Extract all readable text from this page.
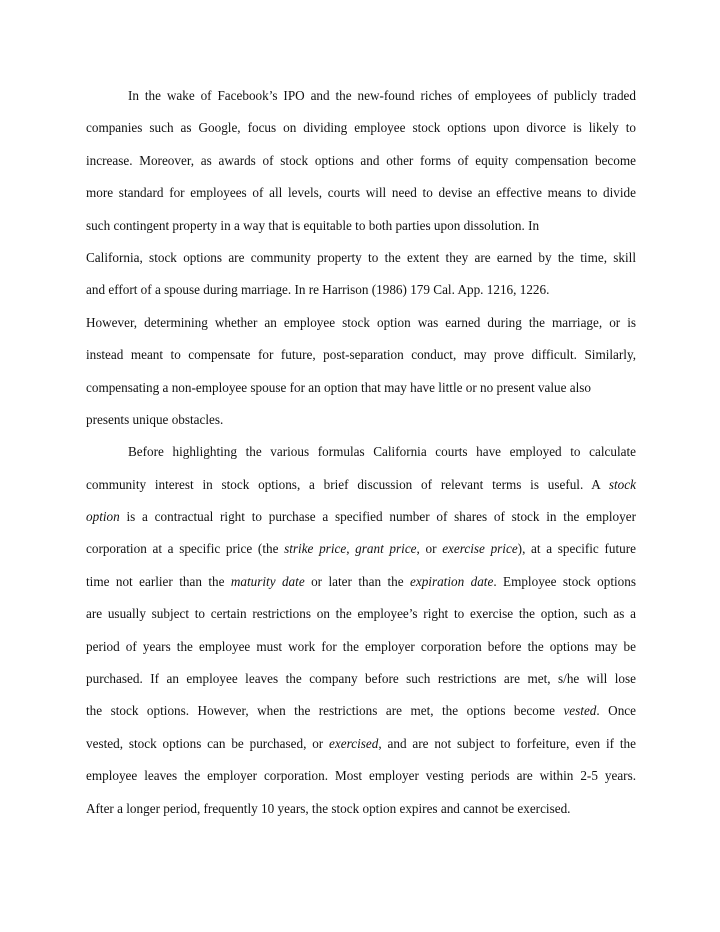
In the wake of Facebook’s IPO and the new-found riches of employees of publicly traded
companies such as Google, focus on dividing employee stock options upon divorce is likely to
increase. Moreover, as awards of stock options and other forms of equity compensation become
more standard for employees of all levels, courts will need to devise an effective means to divide
such contingent property in a way that is equitable to both parties upon dissolution. In
California, stock options are community property to the extent they are earned by the time, skill
and effort of a spouse during marriage. In re Harrison (1986) 179 Cal. App. 1216, 1226.
However, determining whether an employee stock option was earned during the marriage, or is
instead meant to compensate for future, post-separation conduct, may prove difficult. Similarly,
compensating a non-employee spouse for an option that may have little or no present value also
presents unique obstacles.
Before highlighting the various formulas California courts have employed to calculate
community interest in stock options, a brief discussion of relevant terms is useful. A stock
option is a contractual right to purchase a specified number of shares of stock in the employer
corporation at a specific price (the strike price, grant price, or exercise price), at a specific future
time not earlier than the maturity date or later than the expiration date. Employee stock options
are usually subject to certain restrictions on the employee’s right to exercise the option, such as a
period of years the employee must work for the employer corporation before the options may be
purchased. If an employee leaves the company before such restrictions are met, s/he will lose
the stock options. However, when the restrictions are met, the options become vested. Once
vested, stock options can be purchased, or exercised, and are not subject to forfeiture, even if the
employee leaves the employer corporation. Most employer vesting periods are within 2-5 years.
After a longer period, frequently 10 years, the stock option expires and cannot be exercised.
